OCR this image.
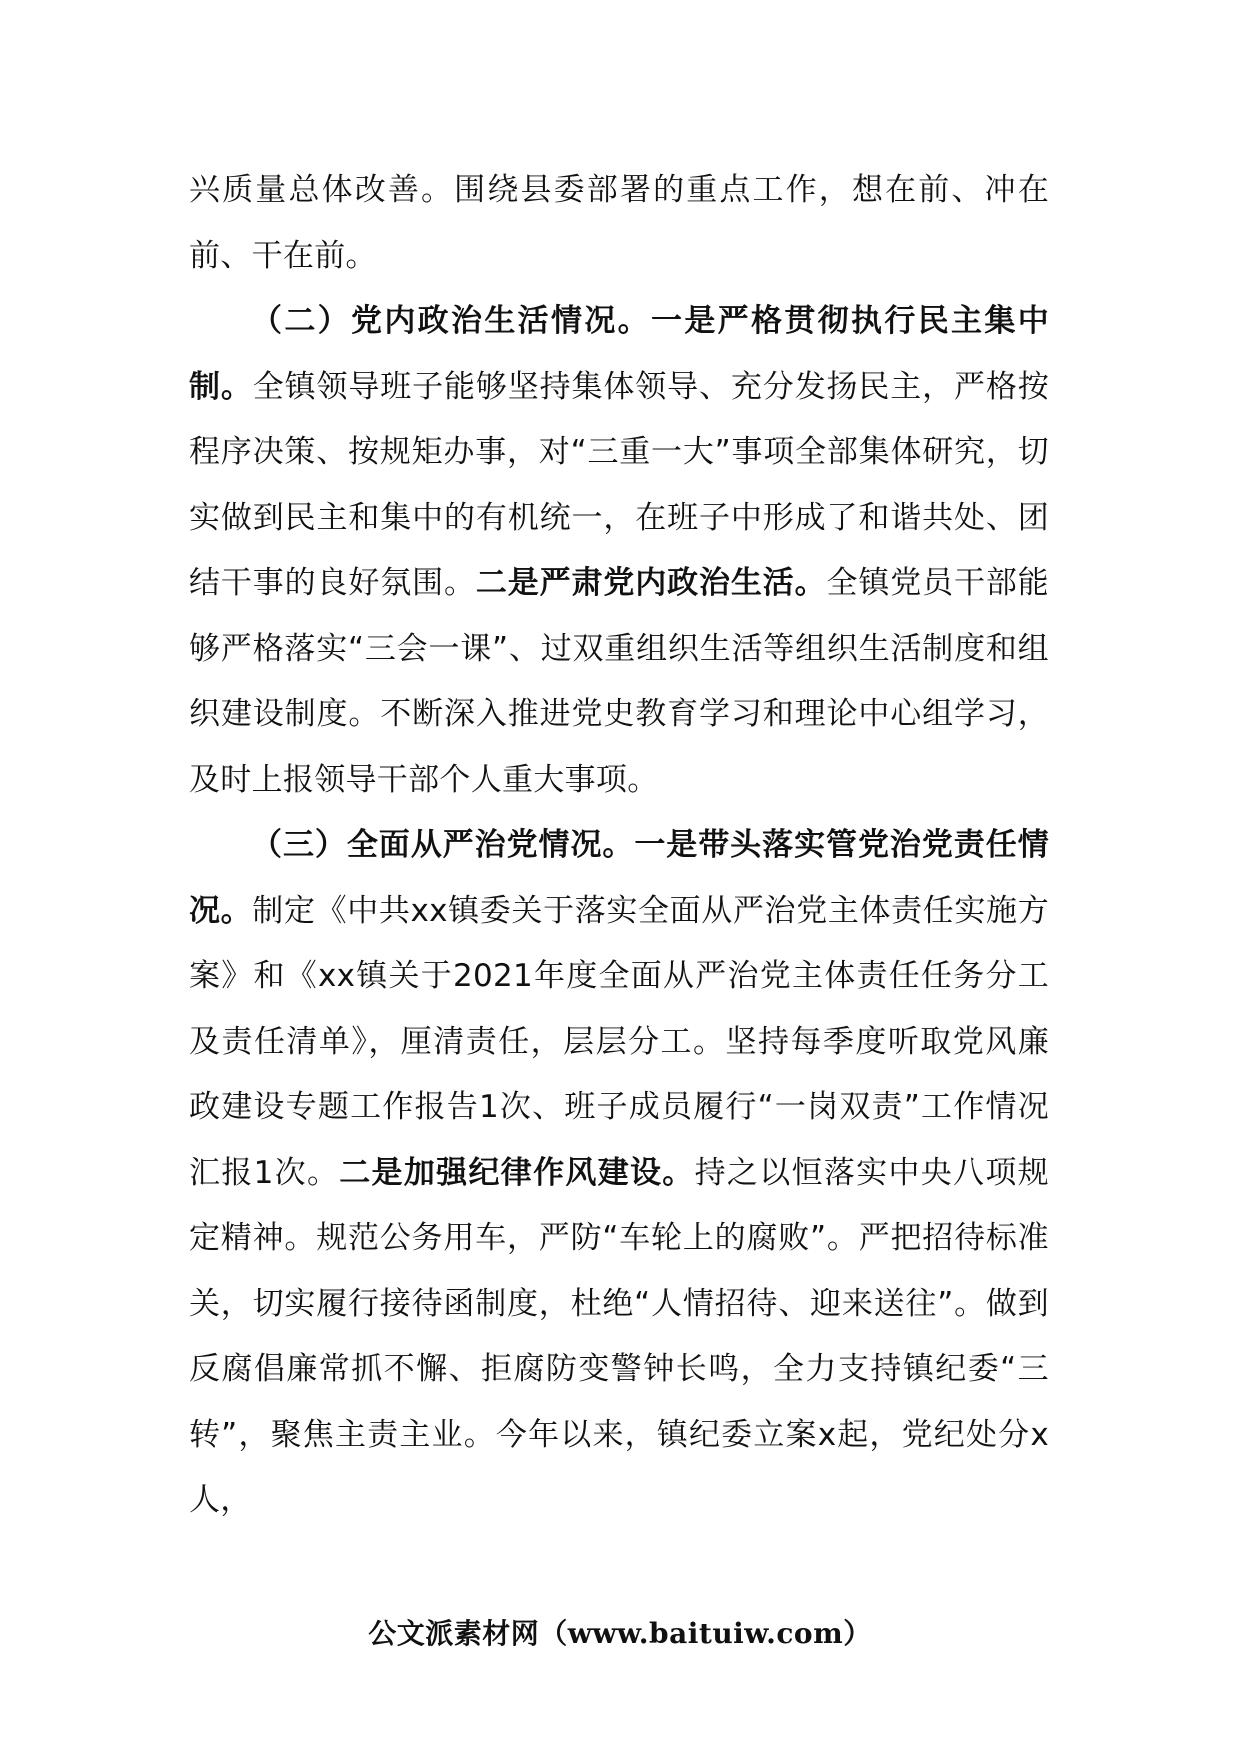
兴质量总体改善。围绕县委部署的重点工作，想在前、冲在前、干在前。

（二）党内政治生活情况。一是严格贯彻执行民主集中制。全镇领导班子能够坚持集体领导、充分发扬民主，严格按程序决策、按规矩办事，对“三重一大”事项全部集体研究，切实做到民主和集中的有机统一，在班子中形成了和谐共处、团结干事的良好氛围。二是严肃党内政治生活。全镇党员干部能够严格落实“三会一课”、过双重组织生活等组织生活制度和组织建设制度。不断深入推进党史教育学习和理论中心组学习，及时上报领导干部个人重大事项。

（三）全面从严治党情况。一是带头落实管党治党责任情况。制定《中共xx镇委关于落实全面从严治党主体责任实施方案》和《xx镇关于2021年度全面从严治党主体责任任务分工及责任清单》，厘清责任，层层分工。坚持每季度听取党风廉政建设专题工作报告1次、班子成员履行“一岗双责”工作情况汇报1次。二是加强纪律作风建设。持之以恒落实中央八项规定精神。规范公务用车，严防“车轮上的腐败”。严把招待标准关，切实履行接待函制度，杜绝“人情招待、迎来送往”。做到反腐倡廉常抓不懈、拒腐防变警钟长鸣，全力支持镇纪委“三转”，聚焦主责主业。今年以来，镇纪委立案x起，党纪处分x人，

公文派素材网（www.baituiw.com）
